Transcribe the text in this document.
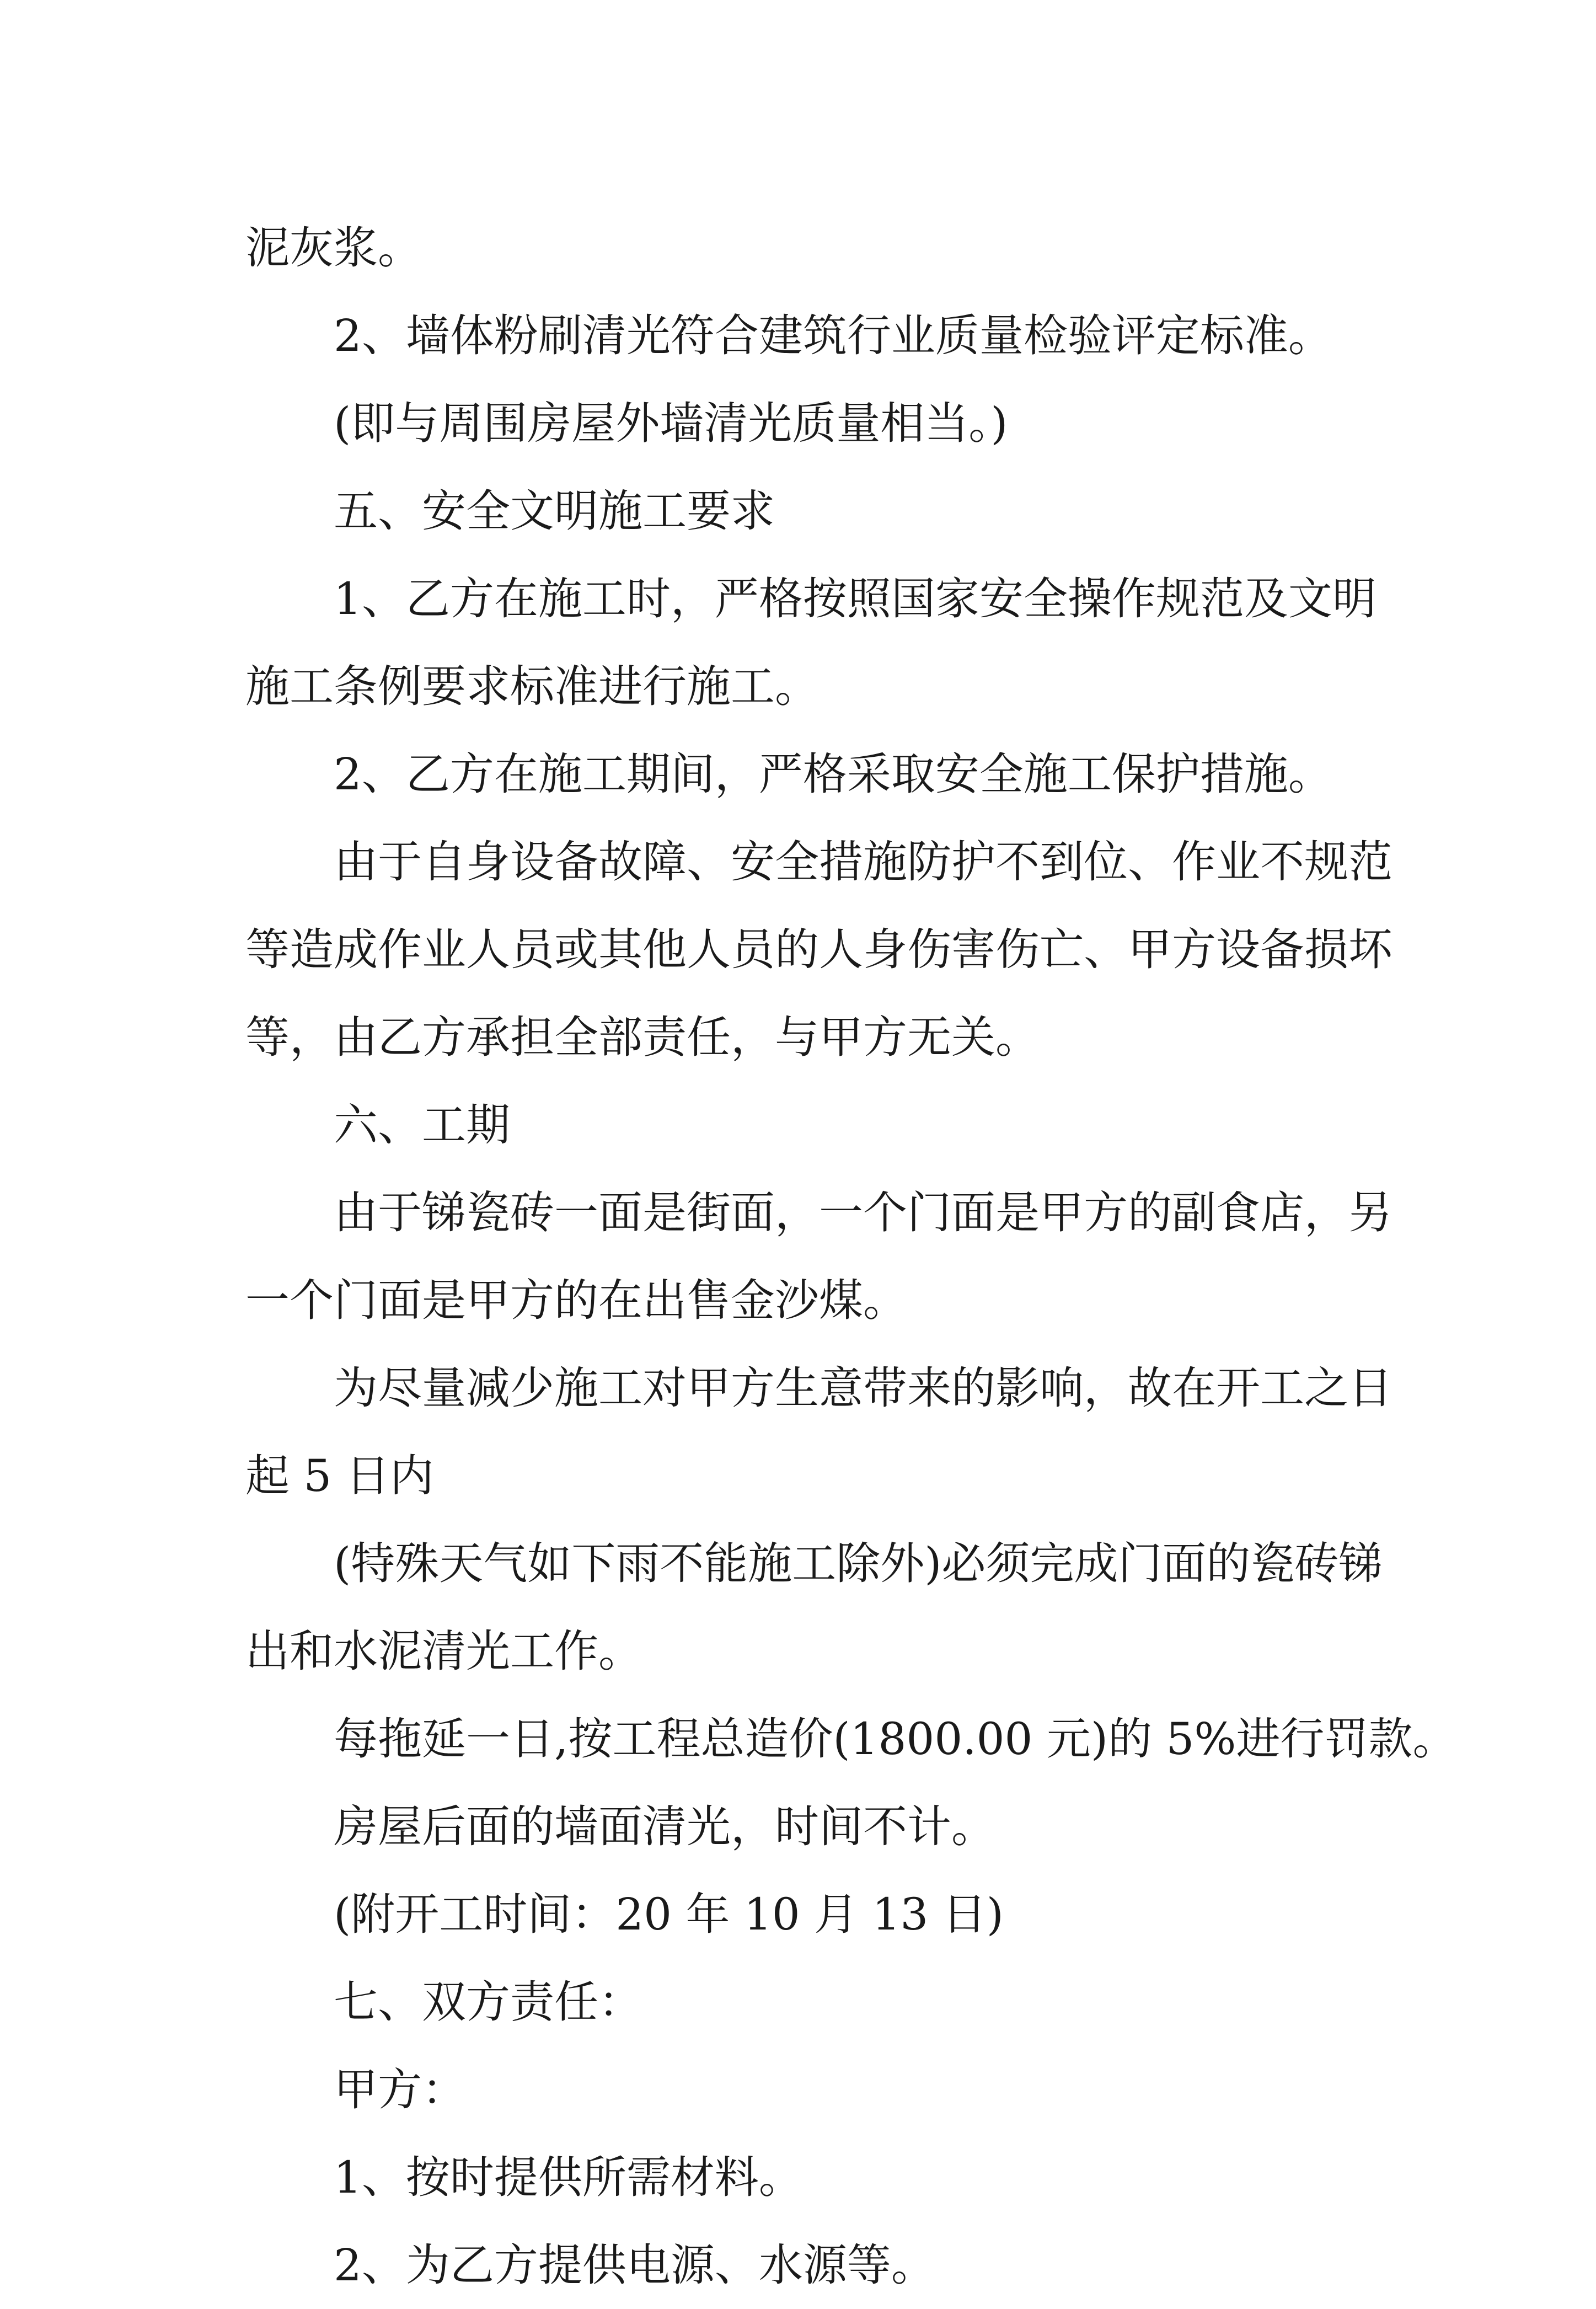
泥灰浆。

2、墙体粉刷清光符合建筑行业质量检验评定标准。

(即与周围房屋外墙清光质量相当。)

五、安全文明施工要求

1、乙方在施工时，严格按照国家安全操作规范及文明

施工条例要求标准进行施工。

2、乙方在施工期间，严格采取安全施工保护措施。

由于自身设备故障、安全措施防护不到位、作业不规范

等造成作业人员或其他人员的人身伤害伤亡、甲方设备损坏

等，由乙方承担全部责任，与甲方无关。

六、工期

由于锑瓷砖一面是街面，一个门面是甲方的副食店，另

一个门面是甲方的在出售金沙煤。

为尽量减少施工对甲方生意带来的影响，故在开工之日

起 5 日内

(特殊天气如下雨不能施工除外)必须完成门面的瓷砖锑

出和水泥清光工作。

每拖延一日,按工程总造价(1800.00 元)的 5%进行罚款。

房屋后面的墙面清光，时间不计。

(附开工时间：20 年 10 月 13 日)

七、双方责任：

甲方：

1、按时提供所需材料。

2、为乙方提供电源、水源等。
